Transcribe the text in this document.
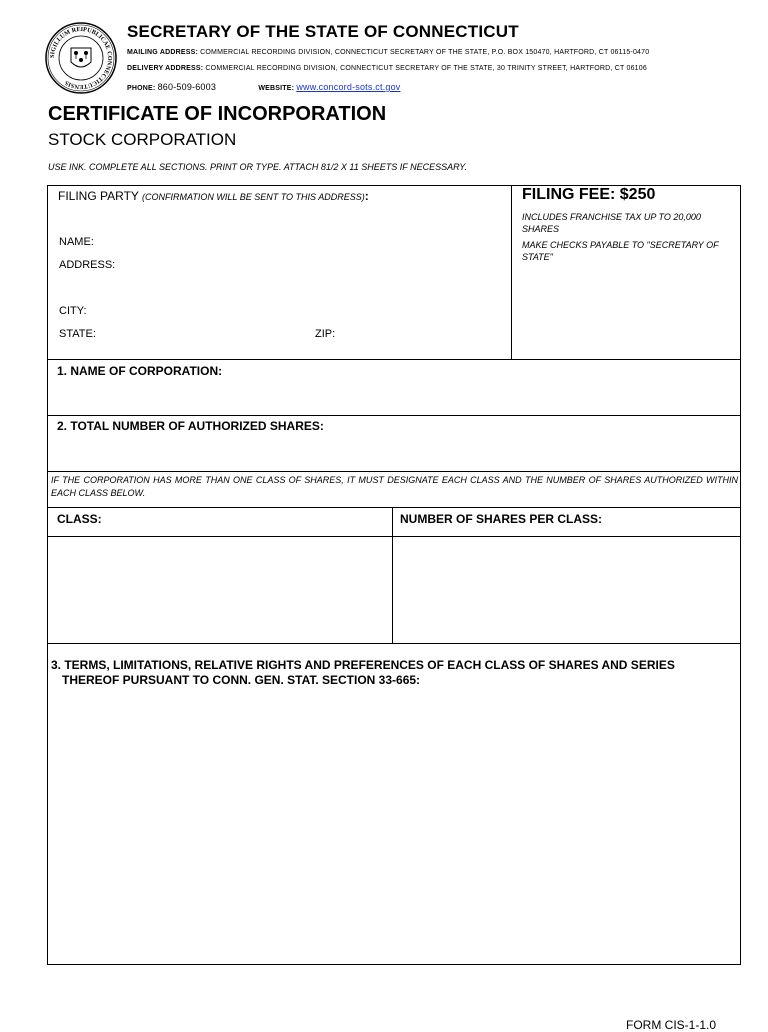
SIGILLUM REIPUBLICAE CONNECTICUTENSIS
SECRETARY OF THE STATE OF CONNECTICUT
MAILING ADDRESS: COMMERCIAL RECORDING DIVISION, CONNECTICUT SECRETARY OF THE STATE, P.O. BOX 150470, HARTFORD, CT 06115-0470
DELIVERY ADDRESS: COMMERCIAL RECORDING DIVISION, CONNECTICUT SECRETARY OF THE STATE, 30 TRINITY STREET, HARTFORD, CT 06106
PHONE: 860-509-6003	WEBSITE: www.concord-sots.ct.gov
CERTIFICATE OF INCORPORATION
STOCK CORPORATION
USE INK. COMPLETE ALL SECTIONS. PRINT OR TYPE. ATTACH 81/2 X 11 SHEETS IF NECESSARY.
FILING PARTY (CONFIRMATION WILL BE SENT TO THIS ADDRESS):
NAME:
ADDRESS:
CITY:
STATE:	ZIP:
FILING FEE: $250
INCLUDES FRANCHISE TAX UP TO 20,000 SHARES
MAKE CHECKS PAYABLE TO "SECRETARY OF STATE"
1. NAME OF CORPORATION:
2. TOTAL NUMBER OF AUTHORIZED SHARES:
IF THE CORPORATION HAS MORE THAN ONE CLASS OF SHARES, IT MUST DESIGNATE EACH CLASS AND THE NUMBER OF SHARES AUTHORIZED WITHIN EACH CLASS BELOW.
CLASS:	NUMBER OF SHARES PER CLASS:
3. TERMS, LIMITATIONS, RELATIVE RIGHTS AND PREFERENCES OF EACH CLASS OF SHARES AND SERIES
THEREOF PURSUANT TO CONN. GEN. STAT. SECTION 33-665:
FORM CIS-1-1.0
